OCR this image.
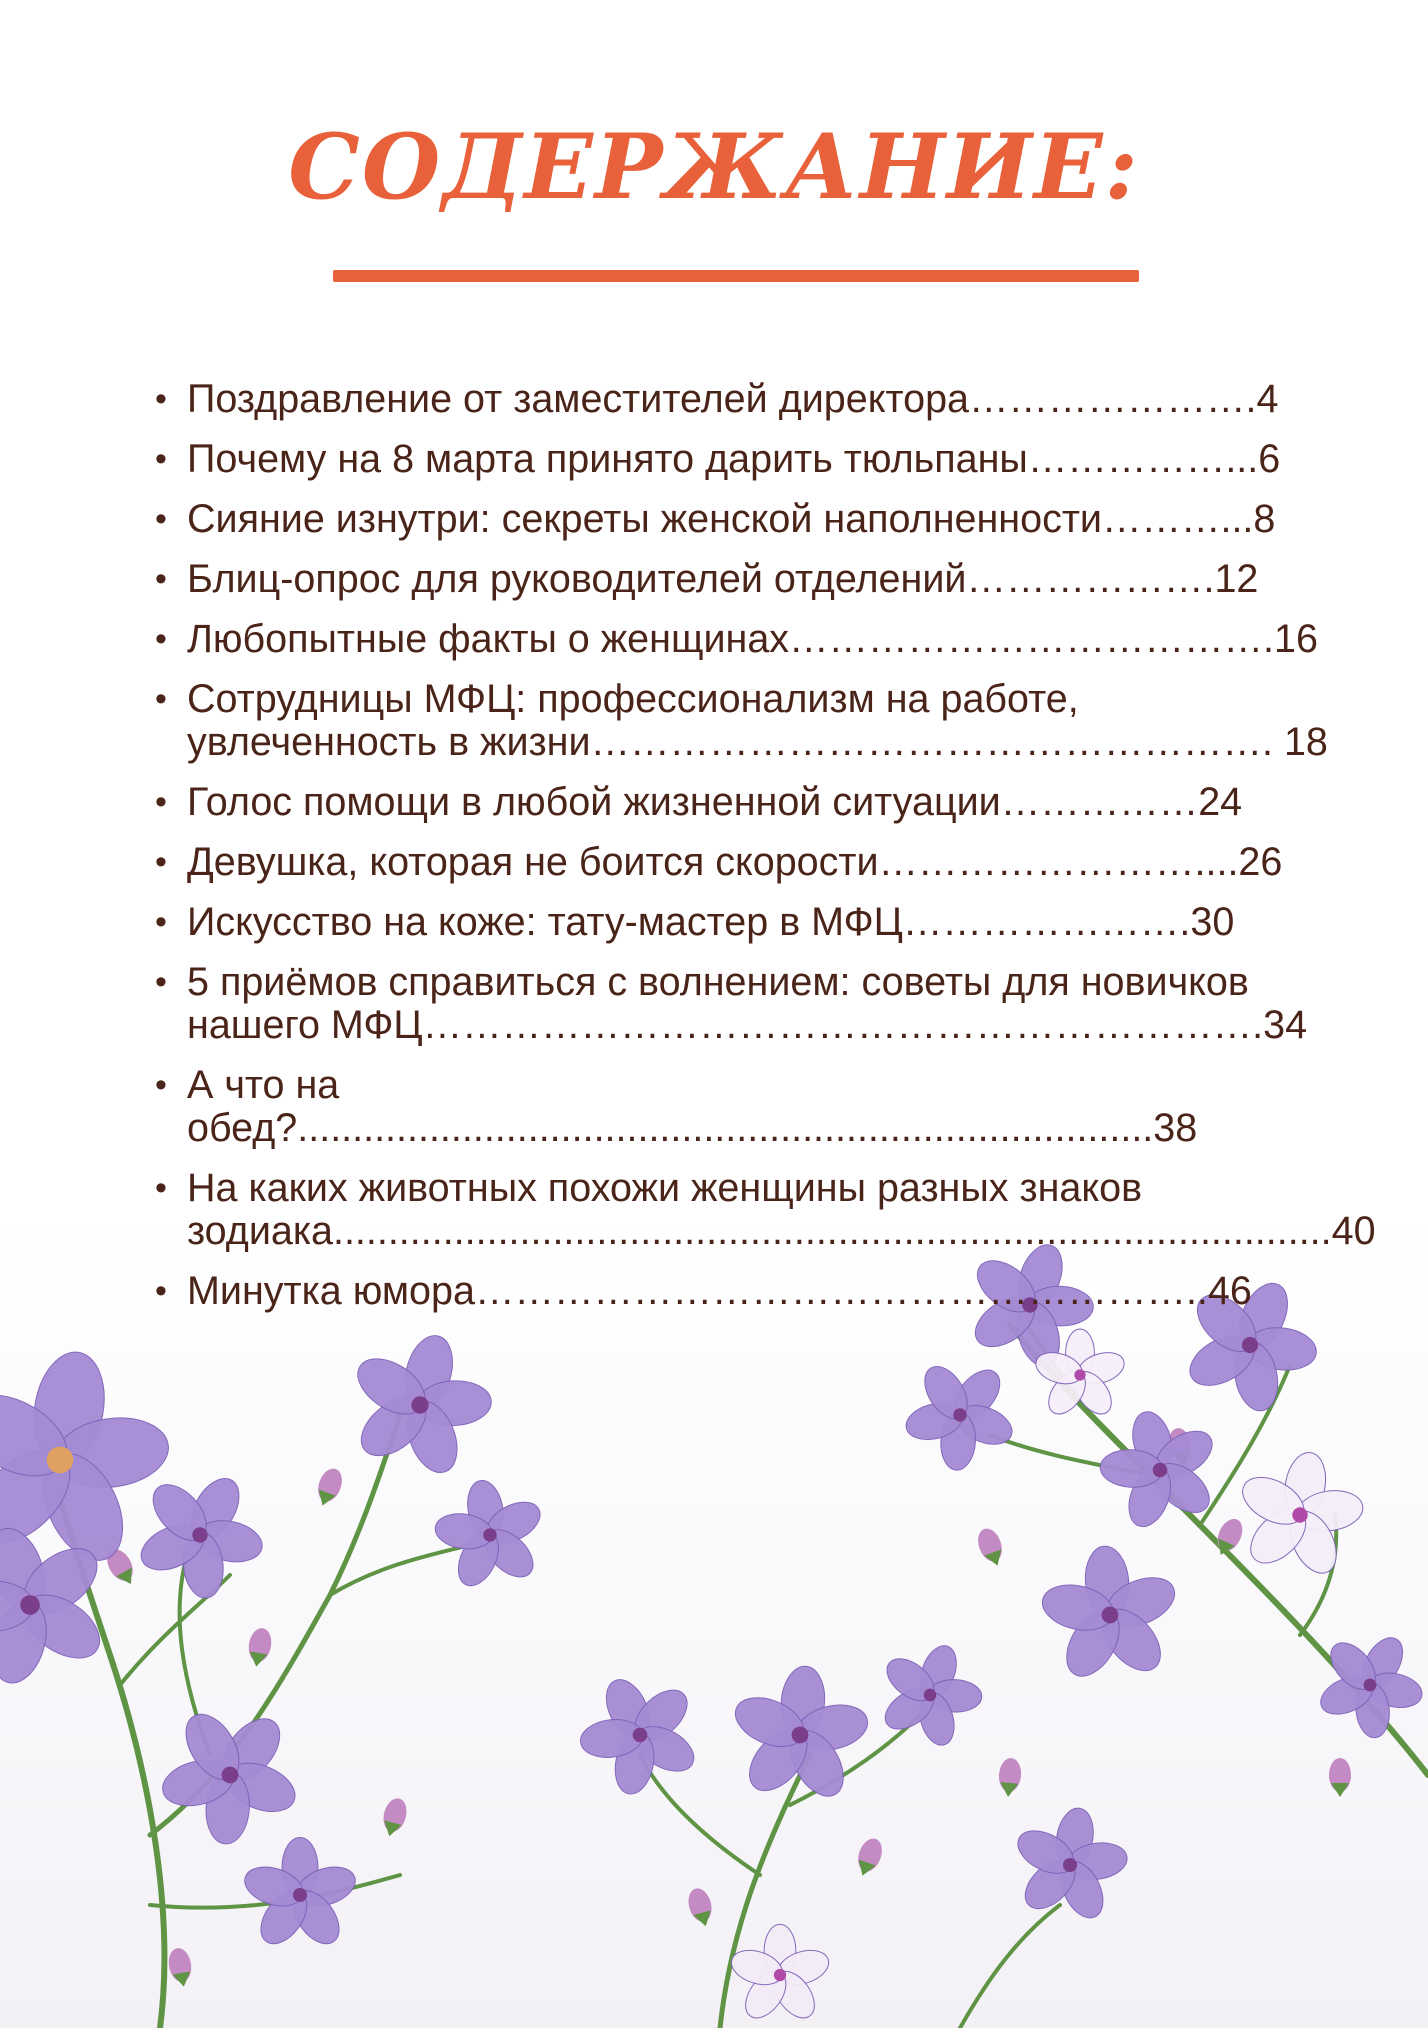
СОДЕРЖАНИЕ:
• Поздравление от заместителей директора………………….4
• Почему на 8 марта принято дарить тюльпаны……………...6
• Сияние изнутри: секреты женской наполненности………...8
• Блиц-опрос для руководителей отделений……………….12
• Любопытные факты о женщинах……………………………….16
• Сотрудницы МФЦ: профессионализм на работе,
увлеченность в жизни……………………………………………. 18
• Голос помощи в любой жизненной ситуации……………24
• Девушка, которая не боится скорости……………………....26
• Искусство на коже: тату-мастер в МФЦ………………….30
• 5 приёмов справиться с волнением: советы для новичков
нашего МФЦ……………………………………………………….34
• А что на обед?..............................................................................38
• На каких животных похожи женщины разных знаков
зодиака...........................................................................................40
• Минутка юмора………………………………………………..46
